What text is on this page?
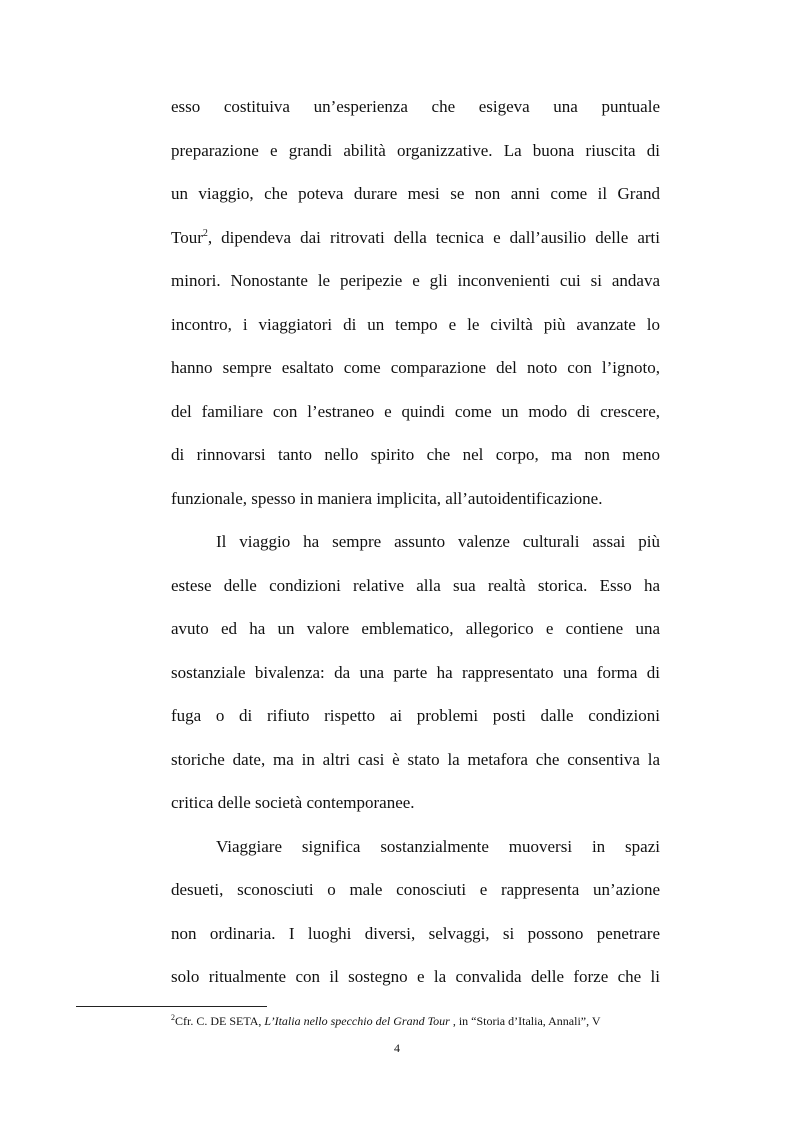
esso costituiva un’esperienza che esigeva una puntuale
preparazione e grandi abilità organizzative. La buona riuscita di
un viaggio, che poteva durare mesi se non anni come il Grand
Tour$^2$, dipendeva dai ritrovati della tecnica e dall’ausilio delle arti
minori. Nonostante le peripezie e gli inconvenienti cui si andava
incontro, i viaggiatori di un tempo e le civiltà più avanzate lo
hanno sempre esaltato come comparazione del noto con l’ignoto,
del familiare con l’estraneo e quindi come un modo di crescere,
di rinnovarsi tanto nello spirito che nel corpo, ma non meno
funzionale, spesso in maniera implicita, all’autoidentificazione.
Il viaggio ha sempre assunto valenze culturali assai più
estese delle condizioni relative alla sua realtà storica. Esso ha
avuto ed ha un valore emblematico, allegorico e contiene una
sostanziale bivalenza: da una parte ha rappresentato una forma di
fuga o di rifiuto rispetto ai problemi posti dalle condizioni
storiche date, ma in altri casi è stato la metafora che consentiva la
critica delle società contemporanee.
Viaggiare significa sostanzialmente muoversi in spazi
desueti, sconosciuti o male conosciuti e rappresenta un’azione
non ordinaria. I luoghi diversi, selvaggi, si possono penetrare
solo ritualmente con il sostegno e la convalida delle forze che li
$^2$Cfr. C. DE SETA, L’Italia nello specchio del Grand Tour , in “Storia d’Italia, Annali”, V
4
